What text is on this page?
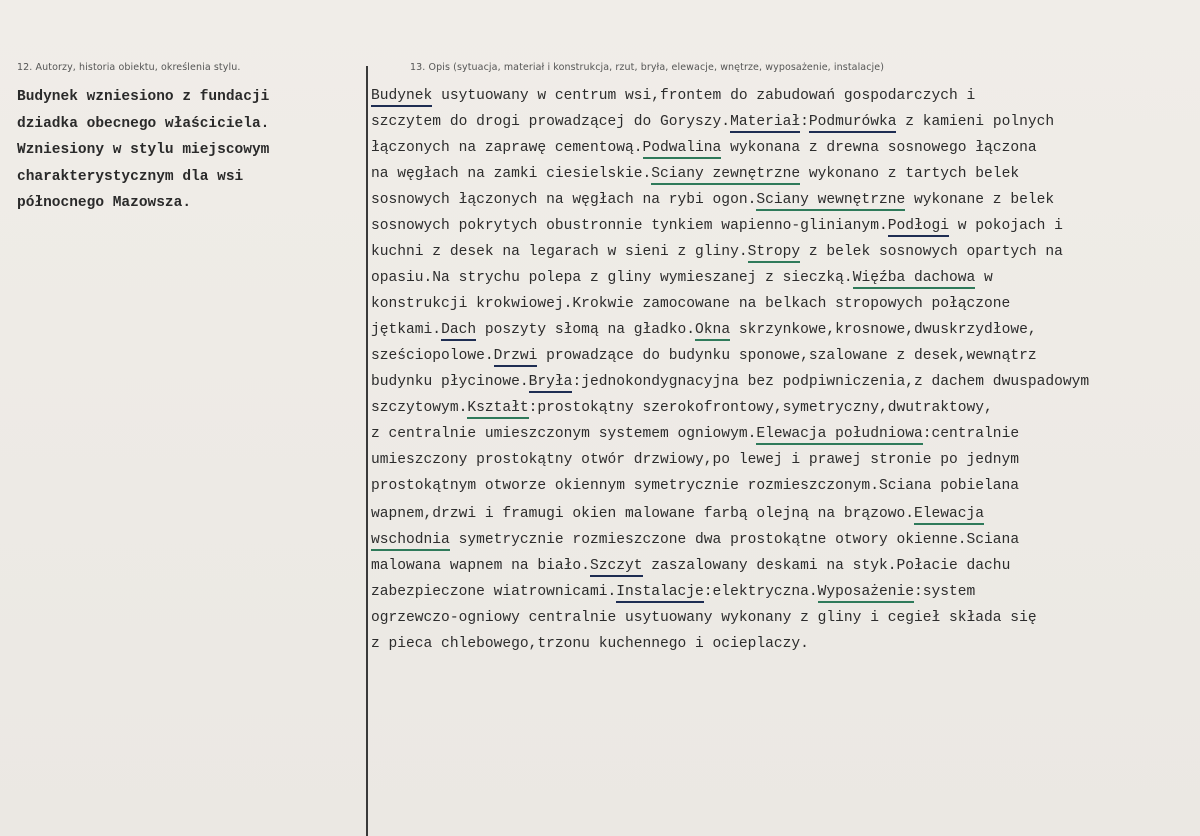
12. Autorzy, historia obiektu, określenia stylu.	13. Opis (sytuacja, materiał i konstrukcja, rzut, bryła, elewacje, wnętrze, wyposażenie, instalacje)
Budynek wzniesiono z fundacji
dziadka obecnego właściciela.
Wzniesiony w stylu miejscowym
charakterystycznym dla wsi
północnego Mazowsza.
Budynek usytuowany w centrum wsi,frontem do zabudowań gospodarczych i
szczytem do drogi prowadzącej do Goryszy.Materiał:Podmurówka z kamieni polnych
łączonych na zaprawę cementową.Podwalina wykonana z drewna sosnowego łączona
na węgłach na zamki ciesielskie.Sciany zewnętrzne wykonano z tartych belek
sosnowych łączonych na węgłach na rybi ogon.Sciany wewnętrzne wykonane z belek
sosnowych pokrytych obustronnie tynkiem wapienno-glinianym.Podłogi w pokojach i
kuchni z desek na legarach w sieni z gliny.Stropy z belek sosnowych opartych na
opasiu.Na strychu polepa z gliny wymieszanej z sieczką.Więźba dachowa w
konstrukcji krokwiowej.Krokwie zamocowane na belkach stropowych połączone
jętkami.Dach poszyty słomą na gładko.Okna skrzynkowe,krosnowe,dwuskrzydłowe,
sześciopolowe.Drzwi prowadzące do budynku sponowe,szalowane z desek,wewnątrz
budynku płycinowe.Bryła:jednokondygnacyjna bez podpiwniczenia,z dachem dwuspadowym
szczytowym.Kształt:prostokątny szerokofrontowy,symetryczny,dwutraktowy,
z centralnie umieszczonym systemem ogniowym.Elewacja południowa:centralnie
umieszczony prostokątny otwór drzwiowy,po lewej i prawej stronie po jednym
prostokątnym otworze okiennym symetrycznie rozmieszczonym.Sciana pobielana
wapnem,drzwi i framugi okien malowane farbą olejną na brązowo.Elewacja
wschodnia symetrycznie rozmieszczone dwa prostokątne otwory okienne.Sciana
malowana wapnem na biało.Szczyt zaszalowany deskami na styk.Połacie dachu
zabezpieczone wiatrownicami.Instalacje:elektryczna.Wyposażenie:system
ogrzewczo-ogniowy centralnie usytuowany wykonany z gliny i cegieł składa się
z pieca chlebowego,trzonu kuchennego i ocieplaczy.
